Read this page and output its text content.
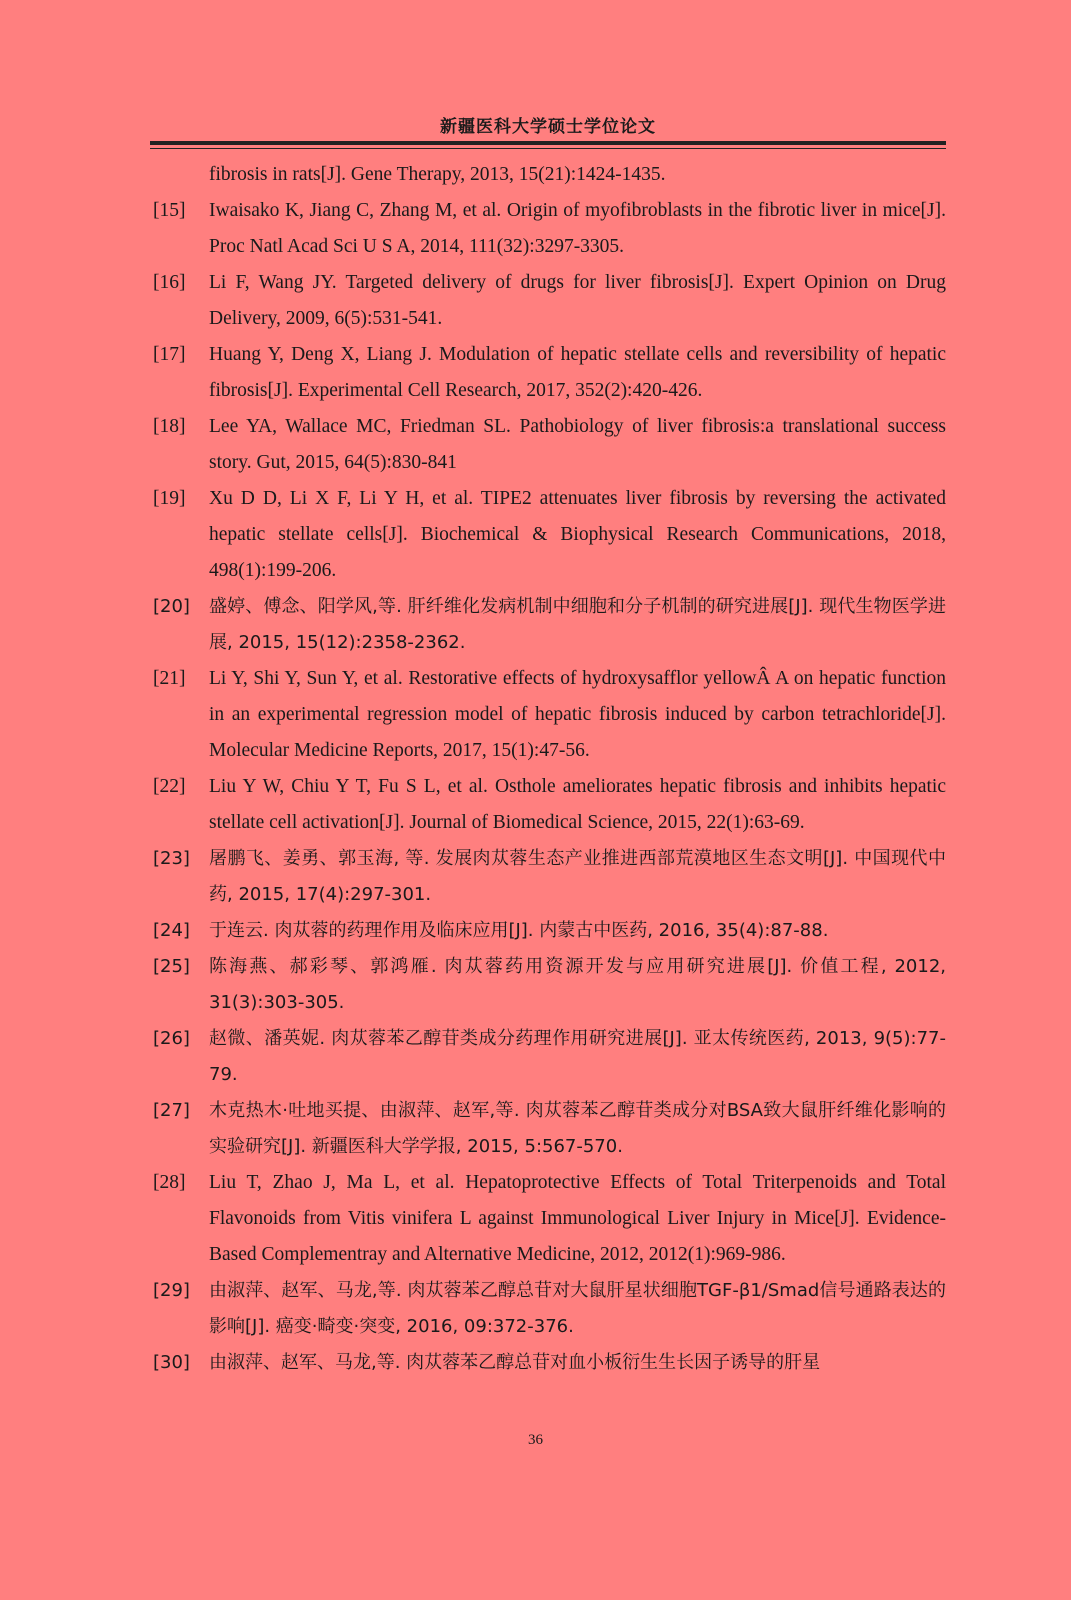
新疆医科大学硕士学位论文
fibrosis in rats[J]. Gene Therapy, 2013, 15(21):1424-1435.
[15] Iwaisako K, Jiang C, Zhang M, et al. Origin of myofibroblasts in the fibrotic liver in mice[J]. Proc Natl Acad Sci U S A, 2014, 111(32):3297-3305.
[16] Li F, Wang JY. Targeted delivery of drugs for liver fibrosis[J]. Expert Opinion on Drug Delivery, 2009, 6(5):531-541.
[17] Huang Y, Deng X, Liang J. Modulation of hepatic stellate cells and reversibility of hepatic fibrosis[J]. Experimental Cell Research, 2017, 352(2):420-426.
[18] Lee YA, Wallace MC, Friedman SL. Pathobiology of liver fibrosis:a translational success story. Gut, 2015, 64(5):830-841
[19] Xu D D, Li X F, Li Y H, et al. TIPE2 attenuates liver fibrosis by reversing the activated hepatic stellate cells[J]. Biochemical & Biophysical Research Communications, 2018, 498(1):199-206.
[20] 盛婷、傅念、阳学风,等. 肝纤维化发病机制中细胞和分子机制的研究进展[J]. 现代生物医学进展, 2015, 15(12):2358-2362.
[21] Li Y, Shi Y, Sun Y, et al. Restorative effects of hydroxysafflor yellowÂ A on hepatic function in an experimental regression model of hepatic fibrosis induced by carbon tetrachloride[J]. Molecular Medicine Reports, 2017, 15(1):47-56.
[22] Liu Y W, Chiu Y T, Fu S L, et al. Osthole ameliorates hepatic fibrosis and inhibits hepatic stellate cell activation[J]. Journal of Biomedical Science, 2015, 22(1):63-69.
[23] 屠鹏飞、姜勇、郭玉海, 等. 发展肉苁蓉生态产业推进西部荒漠地区生态文明[J]. 中国现代中药, 2015, 17(4):297-301.
[24] 于连云. 肉苁蓉的药理作用及临床应用[J]. 内蒙古中医药, 2016, 35(4):87-88.
[25] 陈海燕、郝彩琴、郭鸿雁. 肉苁蓉药用资源开发与应用研究进展[J]. 价值工程, 2012, 31(3):303-305.
[26] 赵微、潘英妮. 肉苁蓉苯乙醇苷类成分药理作用研究进展[J]. 亚太传统医药, 2013, 9(5):77-79.
[27] 木克热木·吐地买提、由淑萍、赵军,等. 肉苁蓉苯乙醇苷类成分对BSA致大鼠肝纤维化影响的实验研究[J]. 新疆医科大学学报, 2015, 5:567-570.
[28] Liu T, Zhao J, Ma L, et al. Hepatoprotective Effects of Total Triterpenoids and Total Flavonoids from Vitis vinifera L against Immunological Liver Injury in Mice[J]. Evidence-Based Complementray and Alternative Medicine, 2012, 2012(1):969-986.
[29] 由淑萍、赵军、马龙,等. 肉苁蓉苯乙醇总苷对大鼠肝星状细胞TGF-β1/Smad信号通路表达的影响[J]. 癌变·畸变·突变, 2016, 09:372-376.
[30] 由淑萍、赵军、马龙,等. 肉苁蓉苯乙醇总苷对血小板衍生生长因子诱导的肝星
36
